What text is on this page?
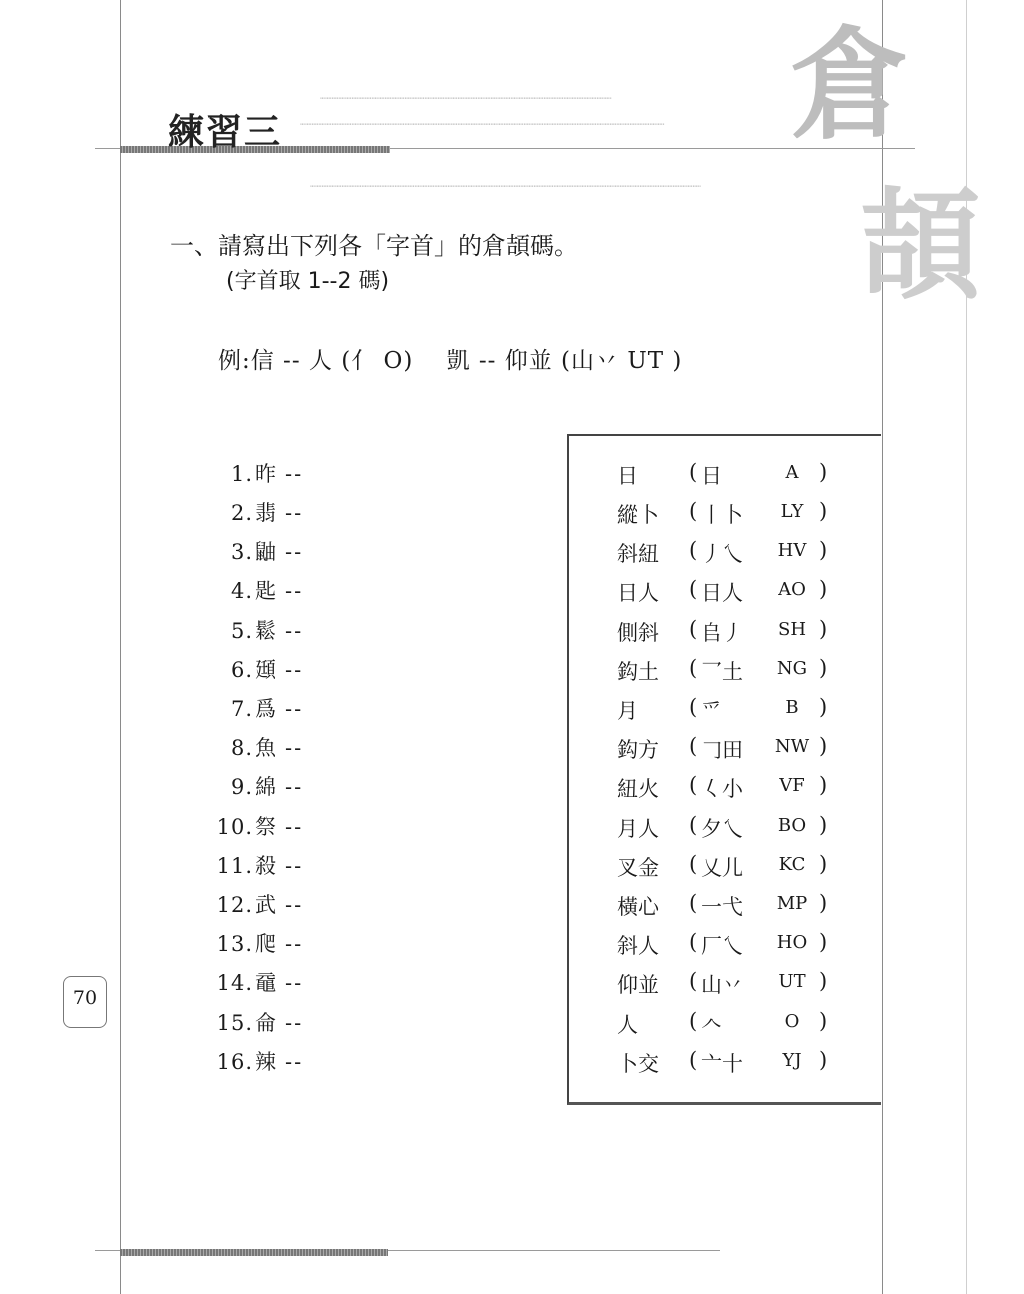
倉
頡
┈┈┈┈┈┈┈┈┈┈┈┈┈┈┈┈┈┈┈┈┈┈┈┈┈┈┈┈┈┈┈┈┈┈┈┈┈┈┈┈┈┈┈┈
┈┈┈┈┈┈┈┈┈┈┈┈┈┈┈┈┈┈┈┈┈┈┈┈┈┈┈┈┈┈┈┈┈┈┈┈┈┈┈┈┈┈┈┈┈┈┈┈┈┈┈┈┈┈┈
┈┈┈┈┈┈┈┈┈┈┈┈┈┈┈┈┈┈┈┈┈┈┈┈┈┈┈┈┈┈┈┈┈┈┈┈┈┈┈┈┈┈┈┈┈┈┈┈┈┈┈┈┈┈┈┈┈┈┈
練習三
一、請寫出下列各「字首」的倉頡碼。
(字首取 1--2 碼)
例:信 -- 人 (亻 O)    凱 -- 仰並 (山丷 UT )
1.昨 --
2.翡 --
3.鼬 --
4.匙 --
5.鬆 --
6.頲 --
7.爲 --
8.魚 --
9.綿 --
10.祭 --
11.殺 --
12.武 --
13.爬 --
14.黿 --
15.侖 --
16.辣 --
日	( 日	A )
縱卜	( 丨卜	LY )
斜紐	( 丿乀	HV )
日人	( 日人	AO )
側斜	( 𠂤丿	SH )
鈎土	( 乛土	NG )
月	( 爫	B )
鈎方	( 𠃌田	NW )
紐火	( 𡿨小	VF )
月人	( 夕乀	BO )
叉金	( 乂儿	KC )
橫心	( 一弋	MP )
斜人	( 厂乀	HO )
仰並	( 山丷	UT )
人	( 𠆢	O )
卜交	( 亠十	YJ )
70
